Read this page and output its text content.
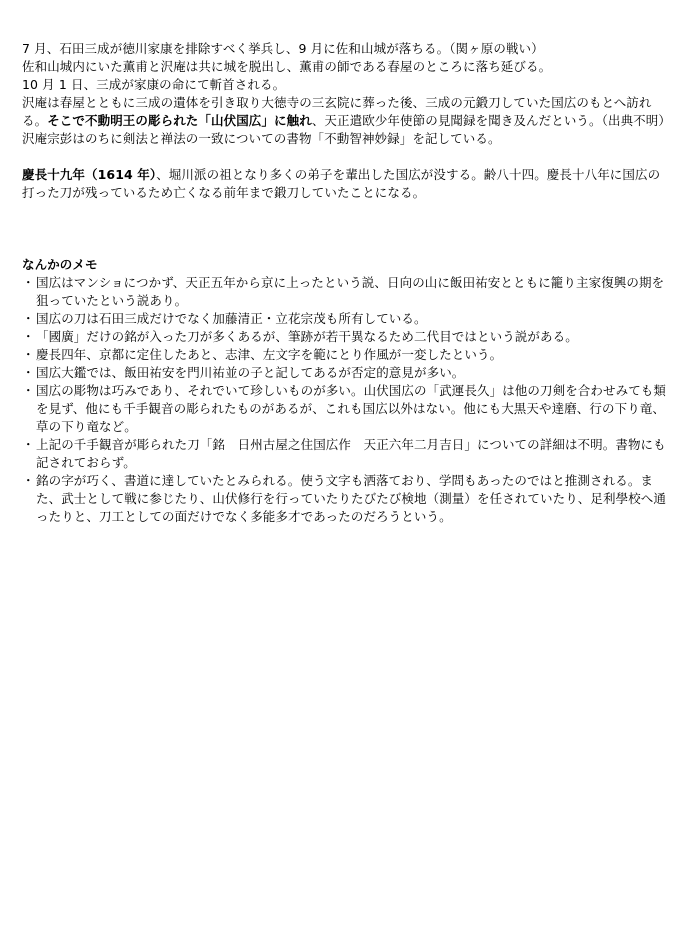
7 月、石田三成が徳川家康を排除すべく挙兵し、9 月に佐和山城が落ちる。（関ヶ原の戦い）

佐和山城内にいた薫甫と沢庵は共に城を脱出し、薫甫の師である春屋のところに落ち延びる。

10 月 1 日、三成が家康の命にて斬首される。

沢庵は春屋とともに三成の遺体を引き取り大徳寺の三玄院に葬った後、三成の元鍛刀していた国広のもとへ訪れる。そこで不動明王の彫られた「山伏国広」に触れ、天正遣欧少年使節の見聞録を聞き及んだという。（出典不明）

沢庵宗彭はのちに剣法と禅法の一致についての書物「不動智神妙録」を記している。

慶長十九年（1614 年）、堀川派の祖となり多くの弟子を輩出した国広が没する。齢八十四。慶長十八年に国広の打った刀が残っているため亡くなる前年まで鍛刀していたことになる。

なんかのメモ

・ 国広はマンショにつかず、天正五年から京に上ったという説、日向の山に飯田祐安とともに籠り主家復興の期を狙っていたという説あり。
・ 国広の刀は石田三成だけでなく加藤清正・立花宗茂も所有している。
・ 「國廣」だけの銘が入った刀が多くあるが、筆跡が若干異なるため二代目ではという説がある。
・ 慶長四年、京都に定住したあと、志津、左文字を範にとり作風が一変したという。
・ 国広大鑑では、飯田祐安を門川祐並の子と記してあるが否定的意見が多い。
・ 国広の彫物は巧みであり、それでいて珍しいものが多い。山伏国広の「武運長久」は他の刀剣を合わせみても類を見ず、他にも千手観音の彫られたものがあるが、これも国広以外はない。他にも大黒天や達磨、行の下り竜、草の下り竜など。
・ 上記の千手観音が彫られた刀「銘　日州古屋之住国広作　天正六年二月吉日」についての詳細は不明。書物にも記されておらず。
・ 銘の字が巧く、書道に達していたとみられる。使う文字も洒落ており、学問もあったのではと推測される。また、武士として戦に参じたり、山伏修行を行っていたりたびたび検地（測量）を任されていたり、足利學校へ通ったりと、刀工としての面だけでなく多能多才であったのだろうという。
